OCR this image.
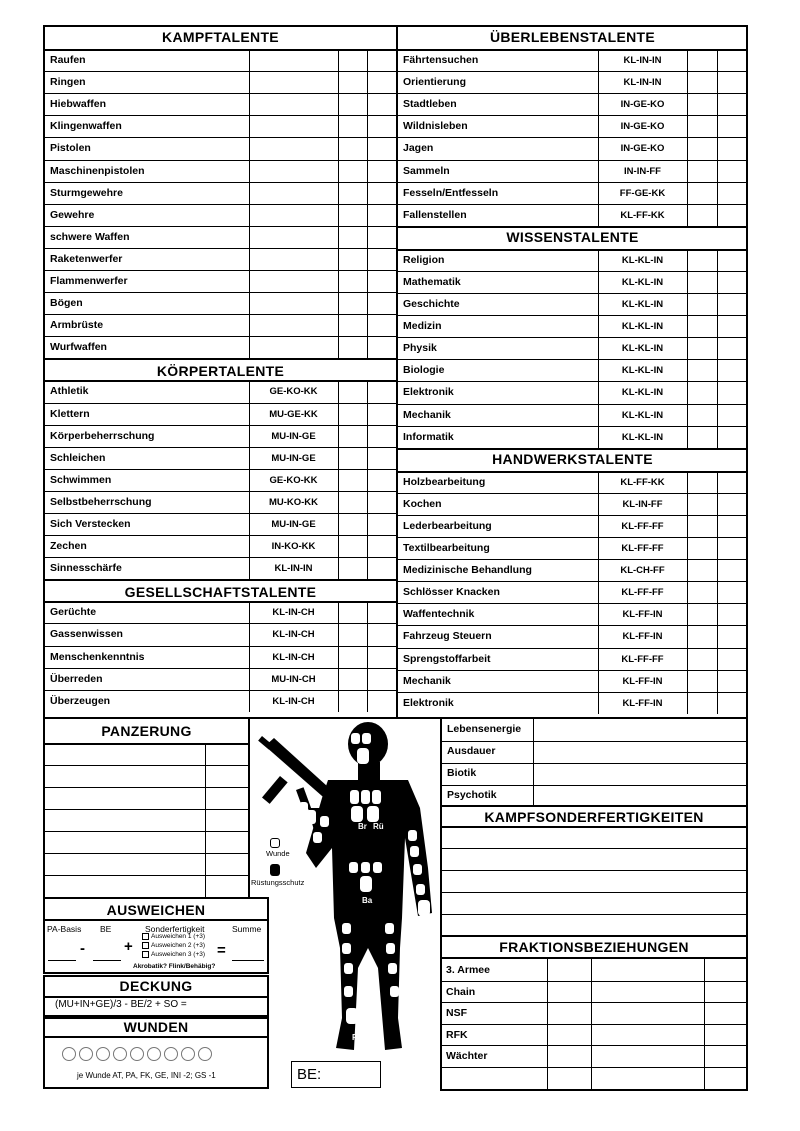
KAMPFTALENTE
Raufen
Ringen
Hiebwaffen
Klingenwaffen
Pistolen
Maschinenpistolen
Sturmgewehre
Gewehre
schwere Waffen
Raketenwerfer
Flammenwerfer
Bögen
Armbrüste
Wurfwaffen
KÖRPERTALENTE
Athletik	GE-KO-KK
Klettern	MU-GE-KK
Körperbeherrschung	MU-IN-GE
Schleichen	MU-IN-GE
Schwimmen	GE-KO-KK
Selbstbeherrschung	MU-KO-KK
Sich Verstecken	MU-IN-GE
Zechen	IN-KO-KK
Sinnesschärfe	KL-IN-IN
GESELLSCHAFTSTALENTE
Gerüchte	KL-IN-CH
Gassenwissen	KL-IN-CH
Menschenkenntnis	KL-IN-CH
Überreden	MU-IN-CH
Überzeugen	KL-IN-CH
ÜBERLEBENSTALENTE
Fährtensuchen	KL-IN-IN
Orientierung	KL-IN-IN
Stadtleben	IN-GE-KO
Wildnisleben	IN-GE-KO
Jagen	IN-GE-KO
Sammeln	IN-IN-FF
Fesseln/Entfesseln	FF-GE-KK
Fallenstellen	KL-FF-KK
WISSENSTALENTE
Religion	KL-KL-IN
Mathematik	KL-KL-IN
Geschichte	KL-KL-IN
Medizin	KL-KL-IN
Physik	KL-KL-IN
Biologie	KL-KL-IN
Elektronik	KL-KL-IN
Mechanik	KL-KL-IN
Informatik	KL-KL-IN
HANDWERKSTALENTE
Holzbearbeitung	KL-FF-KK
Kochen	KL-IN-FF
Lederbearbeitung	KL-FF-FF
Textilbearbeitung	KL-FF-FF
Medizinische Behandlung	KL-CH-FF
Schlösser Knacken	KL-FF-FF
Waffentechnik	KL-FF-IN
Fahrzeug Steuern	KL-FF-IN
Sprengstoffarbeit	KL-FF-FF
Mechanik	KL-FF-IN
Elektronik	KL-FF-IN
PANZERUNG
AUSWEICHEN
PA-Basis BE	Sonderfertigkeit	Summe
-	+
Ausweichen 1 (+3)
Ausweichen 2 (+3)
Ausweichen 3 (+3)
Akrobatik? Flink/Behäbig?
=
DECKUNG
(MU+IN+GE)/3 - BE/2 + SO =
WUNDEN
je Wunde AT, PA, FK, GE, INI -2; GS -1
Ko
RA
Br Rü
Ba
LA
RB
LB
Wunde
Rüstungsschutz
BE:
Lebensenergie
Ausdauer
Biotik
Psychotik
KAMPFSONDERFERTIGKEITEN
FRAKTIONSBEZIEHUNGEN
3. Armee
Chain
NSF
RFK
Wächter
